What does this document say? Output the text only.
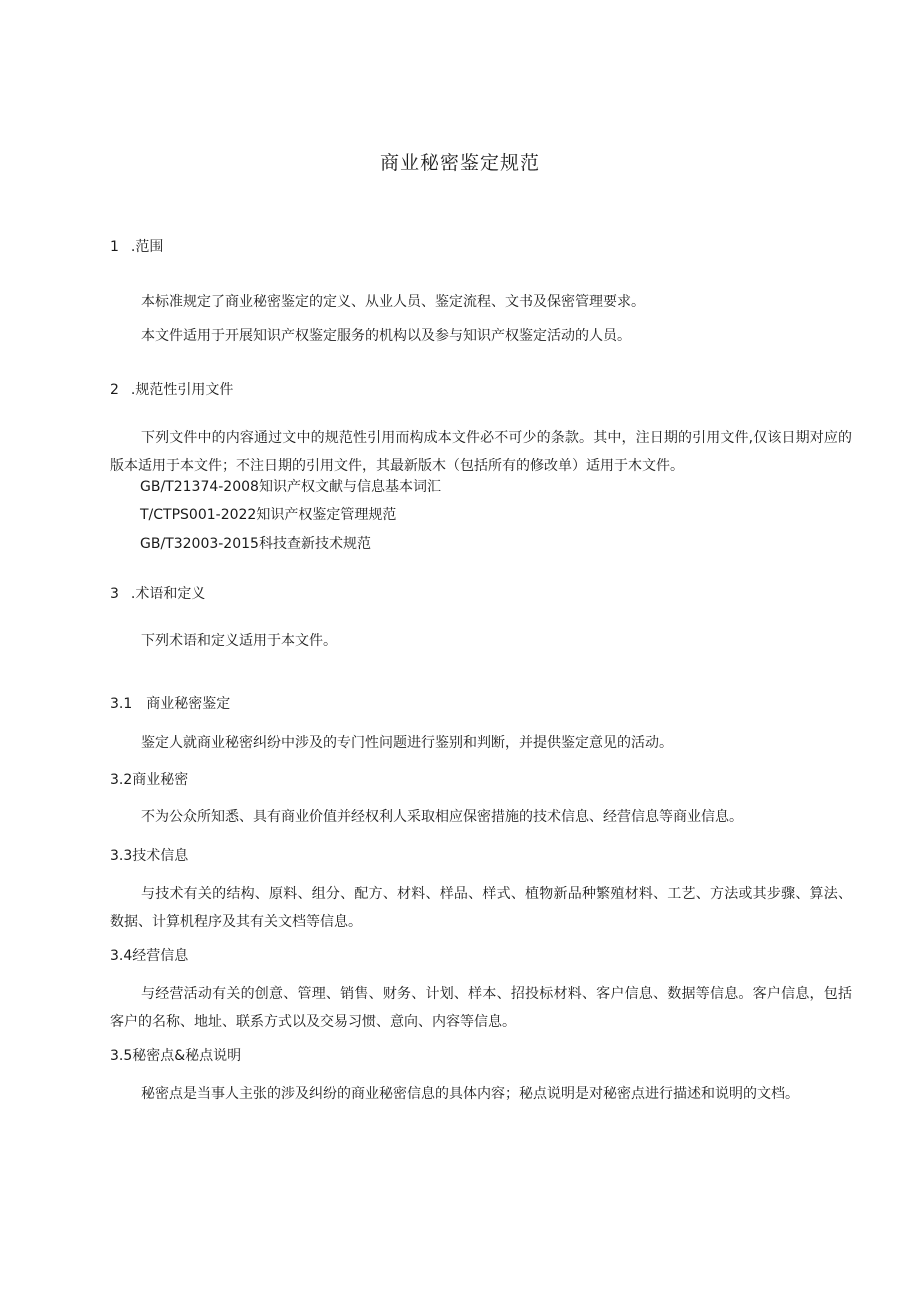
商业秘密鉴定规范
1 .范围
本标准规定了商业秘密鉴定的定义、从业人员、鉴定流程、文书及保密管理要求。
本文件适用于开展知识产权鉴定服务的机构以及参与知识产权鉴定活动的人员。
2 .规范性引用文件
下列文件中的内容通过文中的规范性引用而构成本文件必不可少的条款。其中，注日期的引用文件,仅该日期对应的版本适用于本文件；不注日期的引用文件，其最新版木（包括所有的修改单）适用于木文件。
GB/T21374-2008知识产权文献与信息基本词汇
T/CTPS001-2022知识产权鉴定管理规范
GB/T32003-2015科技查新技术规范
3 .术语和定义
下列术语和定义适用于本文件。
3.1 商业秘密鉴定
鉴定人就商业秘密纠纷中涉及的专门性问题进行鉴别和判断，并提供鉴定意见的活动。
3.2商业秘密
不为公众所知悉、具有商业价值并经权利人采取相应保密措施的技术信息、经营信息等商业信息。
3.3技术信息
与技术有关的结构、原料、组分、配方、材料、样品、样式、植物新品种繁殖材料、工艺、方法或其步骤、算法、数据、计算机程序及其有关文档等信息。
3.4经营信息
与经营活动有关的创意、管理、销售、财务、计划、样本、招投标材料、客户信息、数据等信息。客户信息，包括客户的名称、地址、联系方式以及交易习惯、意向、内容等信息。
3.5秘密点&秘点说明
秘密点是当事人主张的涉及纠纷的商业秘密信息的具体内容；秘点说明是对秘密点进行描述和说明的文档。
